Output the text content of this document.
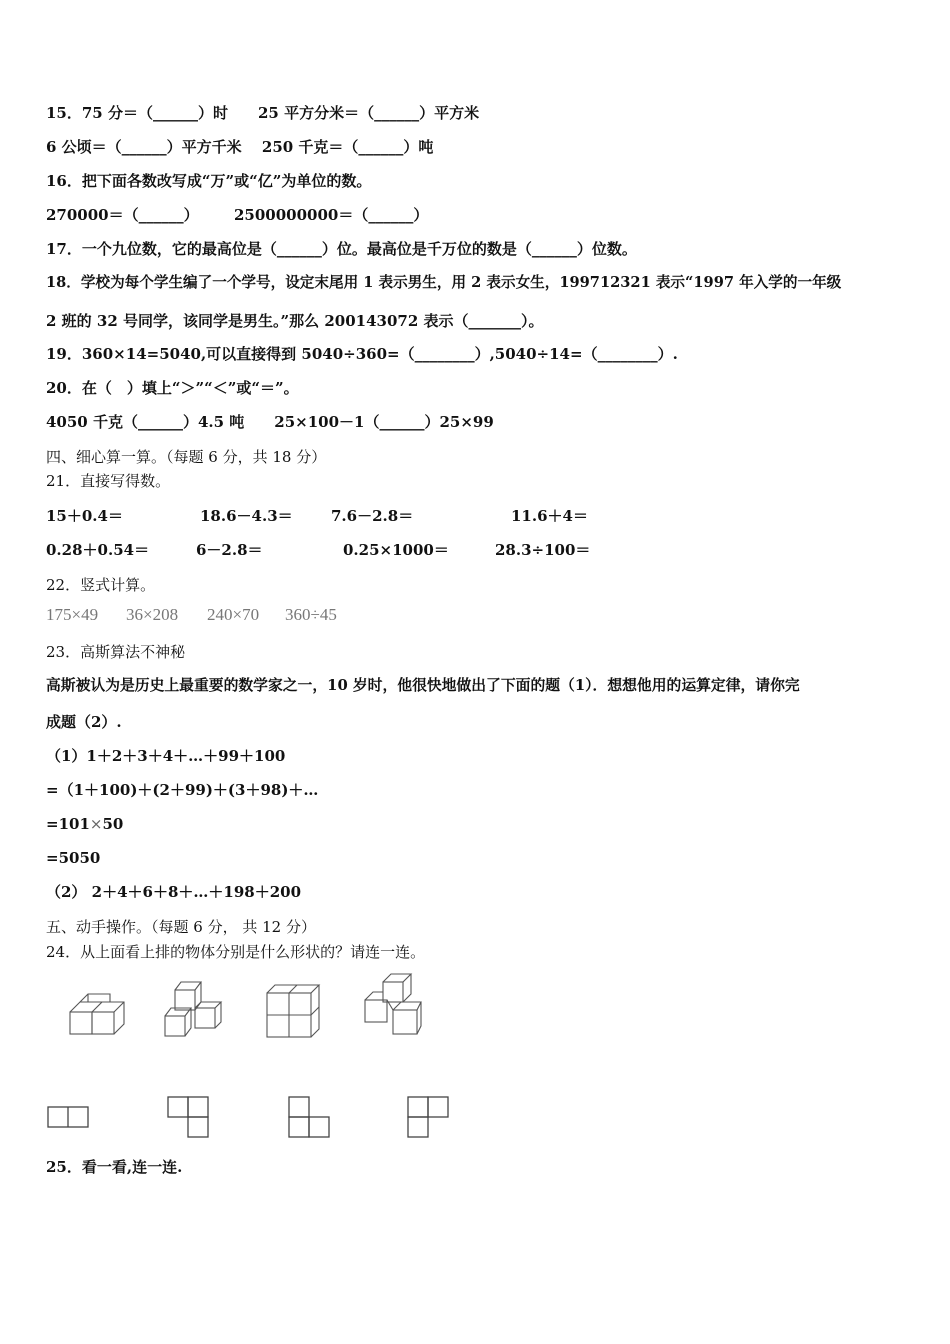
15．75 分＝（______）时　　25 平方分米＝（______）平方米
6 公顷＝（______）平方千米　 250 千克＝（______）吨
16．把下面各数改写成“万”或“亿”为单位的数。
270000＝（______） 2500000000＝（______）
17．一个九位数，它的最高位是（______）位。最高位是千万位的数是（______）位数。
18．学校为每个学生编了一个学号，设定末尾用 1 表示男生，用 2 表示女生，199712321 表示“1997 年入学的一年级
2 班的 32 号同学，该同学是男生。”那么 200143072 表示（_______）。
19．360×14=5040,可以直接得到 5040÷360=（________）,5040÷14=（________）.
20．在（　）填上“＞”“＜”或“＝”。
4050 千克（______）4.5 吨　　25×100－1（______）25×99
四、细心算一算。（每题 6 分，共 18 分）
21．直接写得数。
15＋0.4＝	18.6－4.3＝	7.6－2.8＝	11.6＋4＝
0.28＋0.54＝	6－2.8＝	0.25×1000＝	28.3÷100＝
22．竖式计算。
175×49 36×208 240×70 360÷45
23．高斯算法不神秘
高斯被认为是历史上最重要的数学家之一，10 岁时，他很快地做出了下面的题（1）．想想他用的运算定律，请你完
成题（2）.
（1）1＋2＋3＋4＋…＋99＋100
=（1＋100)＋(2＋99)＋(3＋98)＋…
=101×50
=5050
（2） 2＋4＋6＋8＋…＋198＋200
五、动手操作。（每题 6 分， 共 12 分）
24．从上面看上排的物体分别是什么形状的？请连一连。
25．看一看,连一连.
